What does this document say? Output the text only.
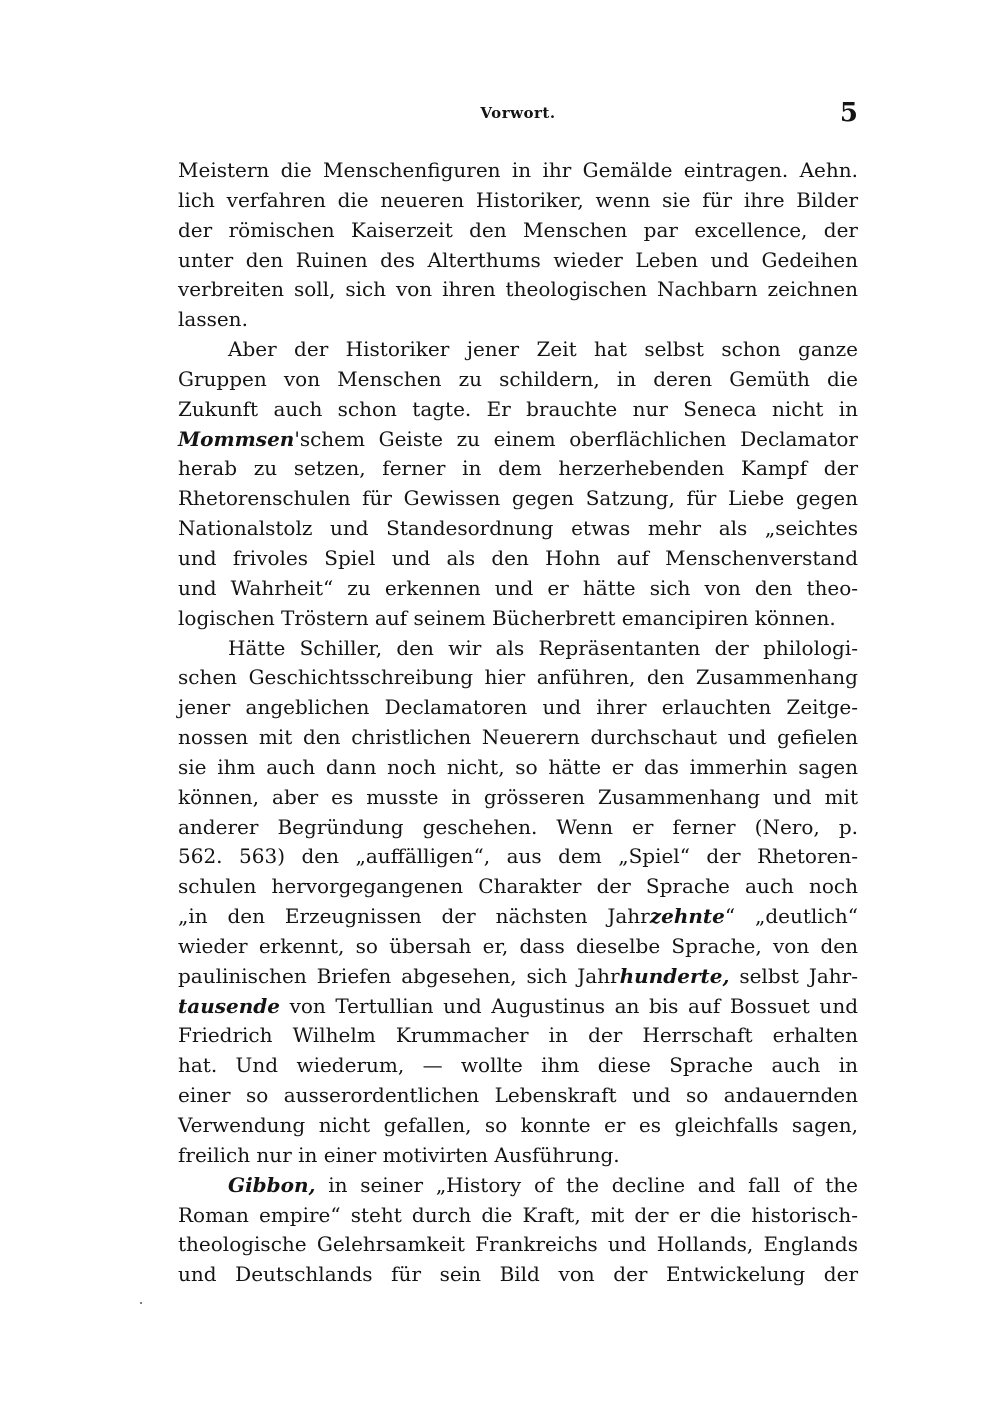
Vorwort.	5
Meistern die Menschenfiguren in ihr Gemälde eintragen. Aehn.
lich verfahren die neueren Historiker, wenn sie für ihre Bilder
der römischen Kaiserzeit den Menschen par excellence, der
unter den Ruinen des Alterthums wieder Leben und Gedeihen
verbreiten soll, sich von ihren theologischen Nachbarn zeichnen
lassen.
Aber der Historiker jener Zeit hat selbst schon ganze
Gruppen von Menschen zu schildern, in deren Gemüth die
Zukunft auch schon tagte. Er brauchte nur Seneca nicht in
Mommsen'schem Geiste zu einem oberflächlichen Declamator
herab zu setzen, ferner in dem herzerhebenden Kampf der
Rhetorenschulen für Gewissen gegen Satzung, für Liebe gegen
Nationalstolz und Standesordnung etwas mehr als „seichtes
und frivoles Spiel und als den Hohn auf Menschenverstand
und Wahrheit“ zu erkennen und er hätte sich von den theo-
logischen Tröstern auf seinem Bücherbrett emancipiren können.
Hätte Schiller, den wir als Repräsentanten der philologi-
schen Geschichtsschreibung hier anführen, den Zusammenhang
jener angeblichen Declamatoren und ihrer erlauchten Zeitge-
nossen mit den christlichen Neuerern durchschaut und gefielen
sie ihm auch dann noch nicht, so hätte er das immerhin sagen
können, aber es musste in grösseren Zusammenhang und mit
anderer Begründung geschehen. Wenn er ferner (Nero, p.
562. 563) den „auffälligen“, aus dem „Spiel“ der Rhetoren-
schulen hervorgegangenen Charakter der Sprache auch noch
„in den Erzeugnissen der nächsten Jahrzehnte“ „deutlich“
wieder erkennt, so übersah er, dass dieselbe Sprache, von den
paulinischen Briefen abgesehen, sich Jahrhunderte, selbst Jahr-
tausende von Tertullian und Augustinus an bis auf Bossuet und
Friedrich Wilhelm Krummacher in der Herrschaft erhalten
hat. Und wiederum, — wollte ihm diese Sprache auch in
einer so ausserordentlichen Lebenskraft und so andauernden
Verwendung nicht gefallen, so konnte er es gleichfalls sagen,
freilich nur in einer motivirten Ausführung.
Gibbon, in seiner „History of the decline and fall of the
Roman empire“ steht durch die Kraft, mit der er die historisch-
theologische Gelehrsamkeit Frankreichs und Hollands, Englands
und Deutschlands für sein Bild von der Entwickelung der
